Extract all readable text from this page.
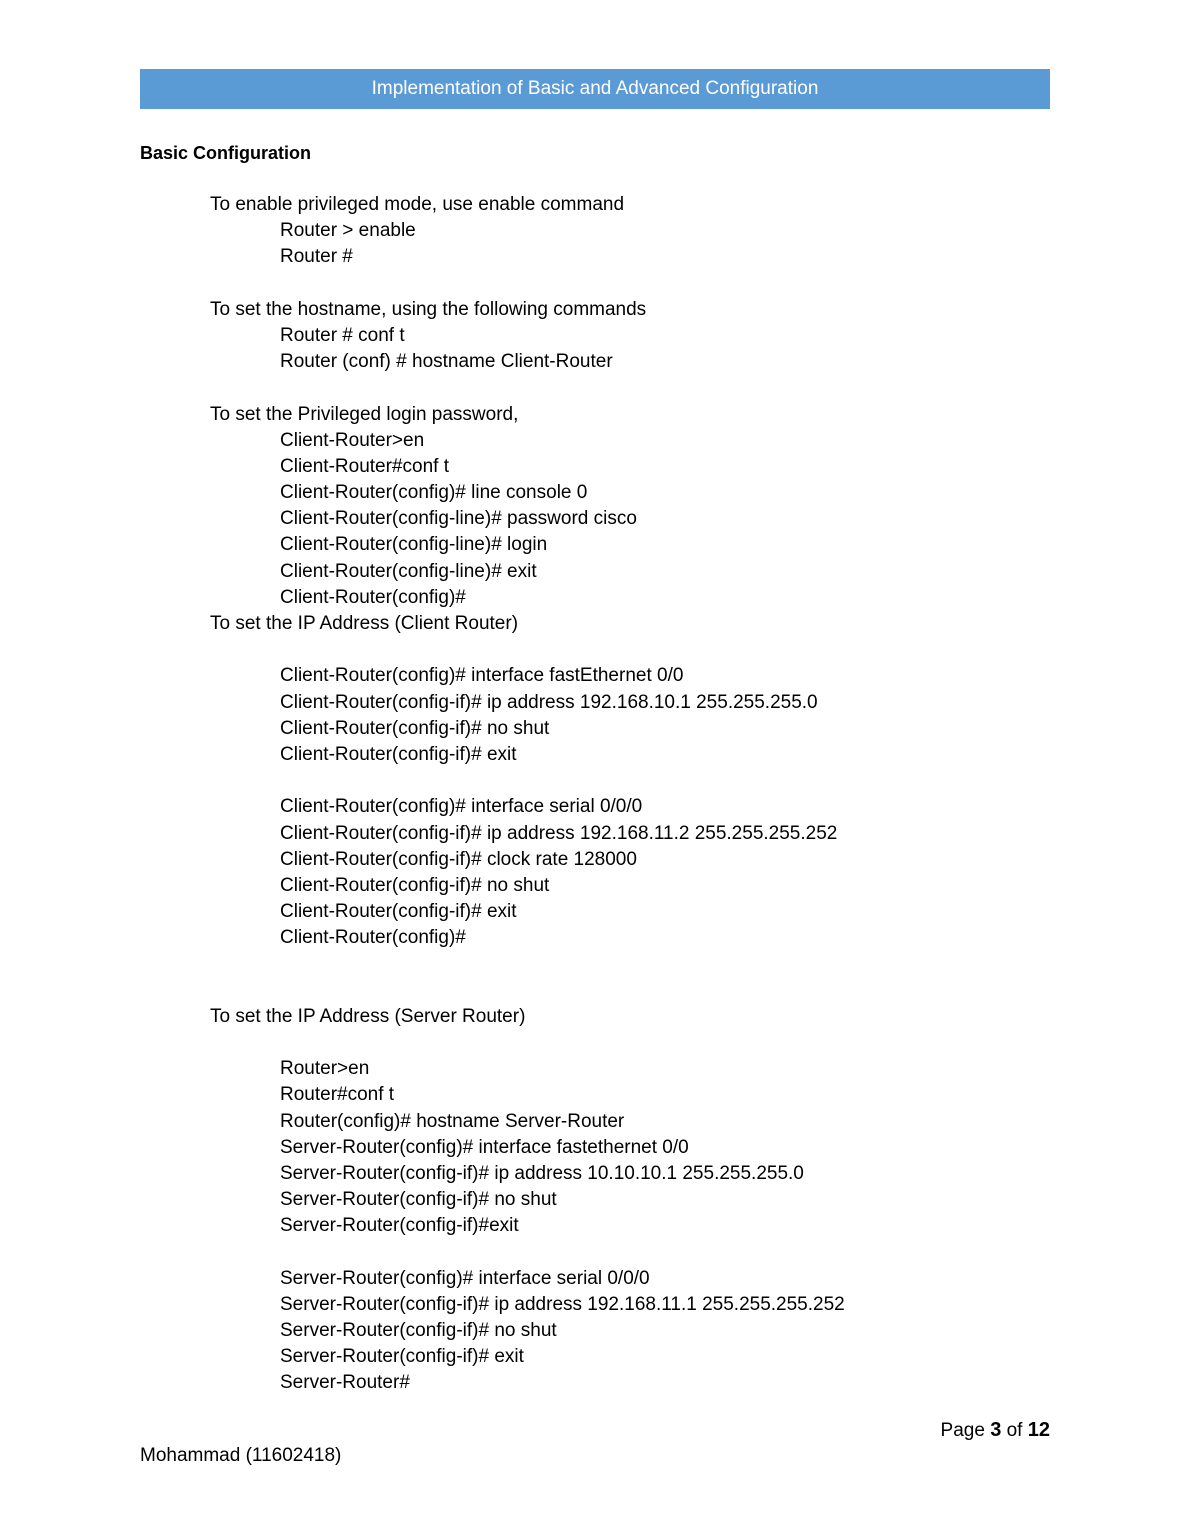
Implementation of Basic and Advanced Configuration
Basic Configuration
To enable privileged mode, use enable command
Router > enable
Router #
To set the hostname, using the following commands
Router # conf t
Router (conf) # hostname Client-Router
To set the Privileged login password,
Client-Router>en
Client-Router#conf t
Client-Router(config)# line console 0
Client-Router(config-line)# password cisco
Client-Router(config-line)# login
Client-Router(config-line)# exit
Client-Router(config)#
To set the IP Address (Client Router)
Client-Router(config)# interface fastEthernet 0/0
Client-Router(config-if)# ip address 192.168.10.1 255.255.255.0
Client-Router(config-if)# no shut
Client-Router(config-if)# exit
Client-Router(config)# interface serial 0/0/0
Client-Router(config-if)# ip address 192.168.11.2 255.255.255.252
Client-Router(config-if)# clock rate 128000
Client-Router(config-if)# no shut
Client-Router(config-if)# exit
Client-Router(config)#
To set the IP Address (Server Router)
Router>en
Router#conf t
Router(config)# hostname Server-Router
Server-Router(config)# interface fastethernet 0/0
Server-Router(config-if)# ip address 10.10.10.1 255.255.255.0
Server-Router(config-if)# no shut
Server-Router(config-if)#exit
Server-Router(config)# interface serial 0/0/0
Server-Router(config-if)# ip address 192.168.11.1 255.255.255.252
Server-Router(config-if)# no shut
Server-Router(config-if)# exit
Server-Router#
Page 3 of 12
Mohammad (11602418)
